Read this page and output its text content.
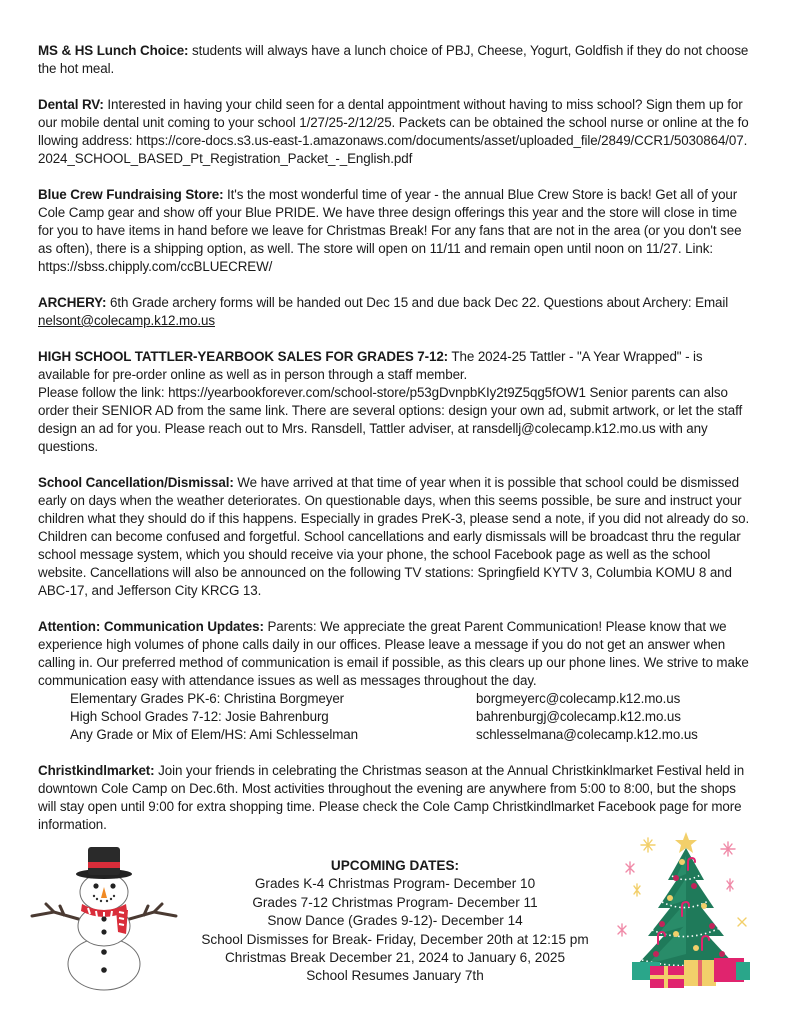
MS & HS Lunch Choice: students will always have a lunch choice of PBJ, Cheese, Yogurt, Goldfish if they do not choose the hot meal.

Dental RV: Interested in having your child seen for a dental appointment without having to miss school? Sign them up for our mobile dental unit coming to your school 1/27/25-2/12/25. Packets can be obtained the school nurse or online at the following address: https://core-docs.s3.us-east-1.amazonaws.com/documents/asset/uploaded_file/2849/CCR1/5030864/07.2024_SCHOOL_BASED_Pt_Registration_Packet_-_English.pdf

Blue Crew Fundraising Store: It's the most wonderful time of year - the annual Blue Crew Store is back! Get all of your Cole Camp gear and show off your Blue PRIDE. We have three design offerings this year and the store will close in time for you to have items in hand before we leave for Christmas Break! For any fans that are not in the area (or you don't see as often), there is a shipping option, as well. The store will open on 11/11 and remain open until noon on 11/27. Link: https://sbss.chipply.com/ccBLUECREW/

ARCHERY: 6th Grade archery forms will be handed out Dec 15 and due back Dec 22. Questions about Archery: Email nelsont@colecamp.k12.mo.us

HIGH SCHOOL TATTLER-YEARBOOK SALES FOR GRADES 7-12: The 2024-25 Tattler - "A Year Wrapped" - is available for pre-order online as well as in person through a staff member.
Please follow the link: https://yearbookforever.com/school-store/p53gDvnpbKIy2t9Z5qg5fOW1 Senior parents can also order their SENIOR AD from the same link. There are several options: design your own ad, submit artwork, or let the staff design an ad for you. Please reach out to Mrs. Ransdell, Tattler adviser, at ransdellj@colecamp.k12.mo.us with any questions.

School Cancellation/Dismissal: We have arrived at that time of year when it is possible that school could be dismissed early on days when the weather deteriorates. On questionable days, when this seems possible, be sure and instruct your children what they should do if this happens. Especially in grades PreK-3, please send a note, if you did not already do so. Children can become confused and forgetful. School cancellations and early dismissals will be broadcast thru the regular school message system, which you should receive via your phone, the school Facebook page as well as the school website. Cancellations will also be announced on the following TV stations: Springfield KYTV 3, Columbia KOMU 8 and ABC-17, and Jefferson City KRCG 13.

Attention: Communication Updates: Parents: We appreciate the great Parent Communication! Please know that we experience high volumes of phone calls daily in our offices. Please leave a message if you do not get an answer when calling in. Our preferred method of communication is email if possible, as this clears up our phone lines. We strive to make communication easy with attendance issues as well as messages throughout the day.
Elementary Grades PK-6: Christina Borgmeyer	borgmeyerc@colecamp.k12.mo.us
High School Grades 7-12: Josie Bahrenburg	bahrenburgj@colecamp.k12.mo.us
Any Grade or Mix of Elem/HS: Ami Schlesselman	schlesselmana@colecamp.k12.mo.us

Christkindlmarket: Join your friends in celebrating the Christmas season at the Annual Christkinklmarket Festival held in downtown Cole Camp on Dec.6th. Most activities throughout the evening are anywhere from 5:00 to 8:00, but the shops will stay open until 9:00 for extra shopping time. Please check the Cole Camp Christkindlmarket Facebook page for more information.

UPCOMING DATES:
Grades K-4 Christmas Program- December 10
Grades 7-12 Christmas Program- December 11
Snow Dance (Grades 9-12)- December 14
School Dismisses for Break- Friday, December 20th at 12:15 pm
Christmas Break December 21, 2024 to January 6, 2025
School Resumes January 7th
